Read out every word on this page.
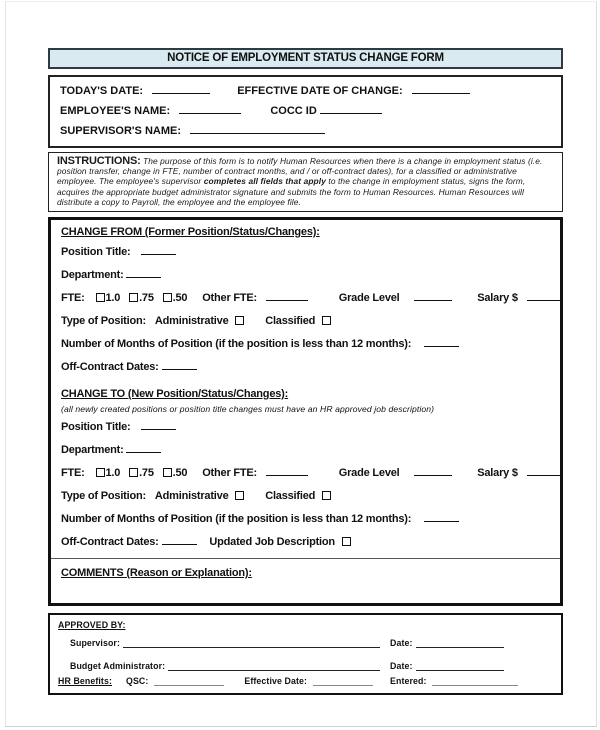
NOTICE OF EMPLOYMENT STATUS CHANGE FORM
TODAY'S DATE:	EFFECTIVE DATE OF CHANGE:
EMPLOYEE'S NAME:	COCC ID
SUPERVISOR'S NAME:
INSTRUCTIONS: The purpose of this form is to notify Human Resources when there is a change in employment status (i.e. position transfer, change in FTE, number of contract months, and / or off-contract dates), for a classified or administrative employee. The employee's supervisor completes all fields that apply to the change in employment status, signs the form, acquires the appropriate budget administrator signature and submits the form to Human Resources. Human Resources will distribute a copy to Payroll, the employee and the employee file.
CHANGE FROM (Former Position/Status/Changes):
Position Title:
Department:
FTE: 1.0 .75 .50 Other FTE:	Grade Level	Salary $
Type of Position: Administrative	Classified
Number of Months of Position (if the position is less than 12 months):
Off-Contract Dates:
CHANGE TO (New Position/Status/Changes):
(all newly created positions or position title changes must have an HR approved job description)
Position Title:
Department:
FTE: 1.0 .75 .50 Other FTE:	Grade Level	Salary $
Type of Position: Administrative	Classified
Number of Months of Position (if the position is less than 12 months):
Off-Contract Dates:	Updated Job Description
COMMENTS (Reason or Explanation):
APPROVED BY:
Supervisor:	Date:
Budget Administrator:	Date:
HR Benefits: QSC:	Effective Date:	Entered:
